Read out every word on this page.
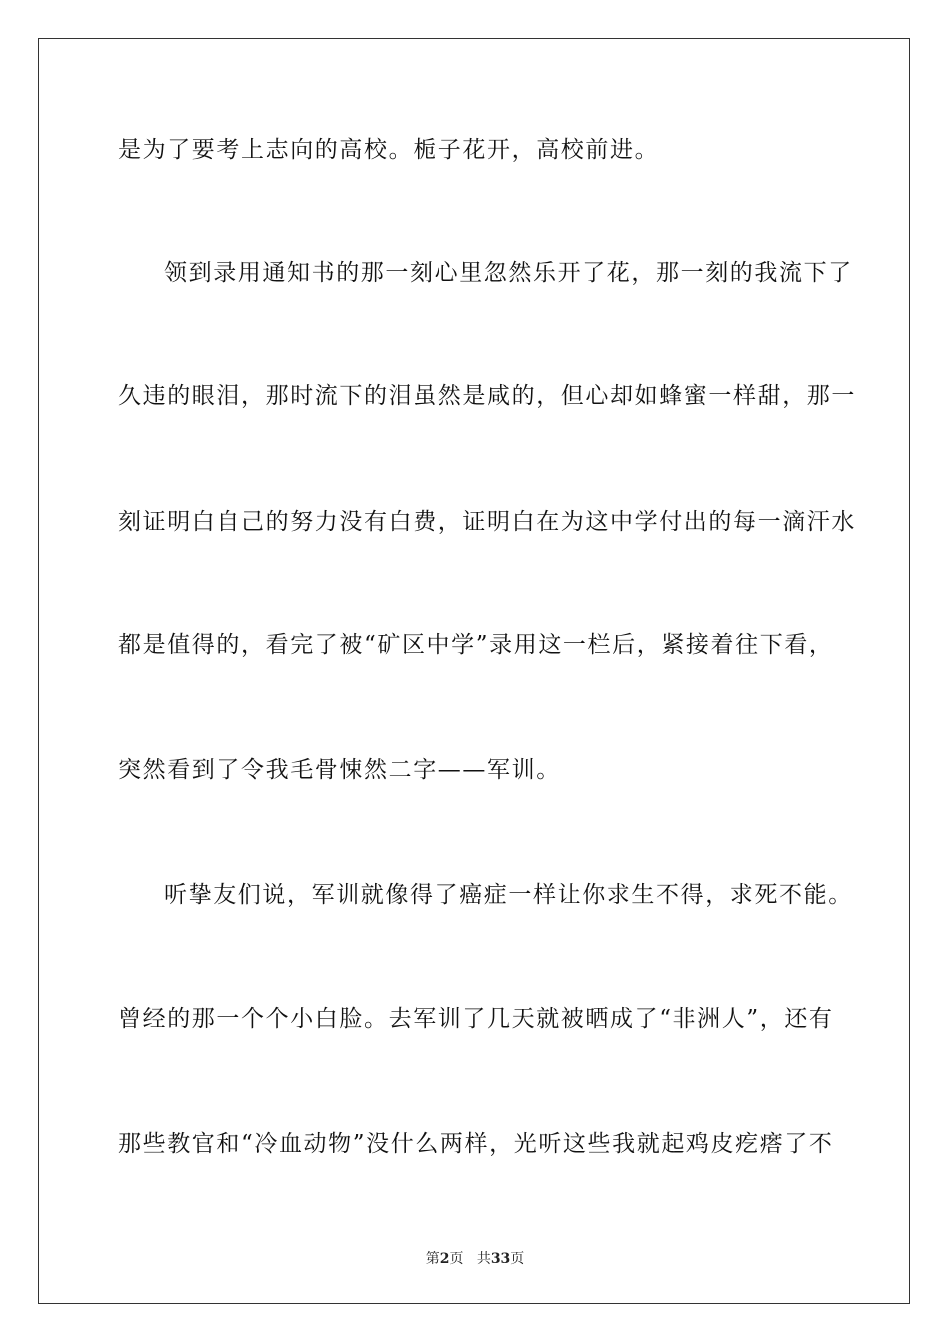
是为了要考上志向的高校。栀子花开，高校前进。
领到录用通知书的那一刻心里忽然乐开了花，那一刻的我流下了
久违的眼泪，那时流下的泪虽然是咸的，但心却如蜂蜜一样甜，那一
刻证明白自己的努力没有白费，证明白在为这中学付出的每一滴汗水
都是值得的，看完了被“矿区中学”录用这一栏后，紧接着往下看，
突然看到了令我毛骨悚然二字——军训。
听挚友们说，军训就像得了癌症一样让你求生不得，求死不能。
曾经的那一个个小白脸。去军训了几天就被晒成了“非洲人”，还有
那些教官和“冷血动物”没什么两样，光听这些我就起鸡皮疙瘩了不
第2页 共33页
